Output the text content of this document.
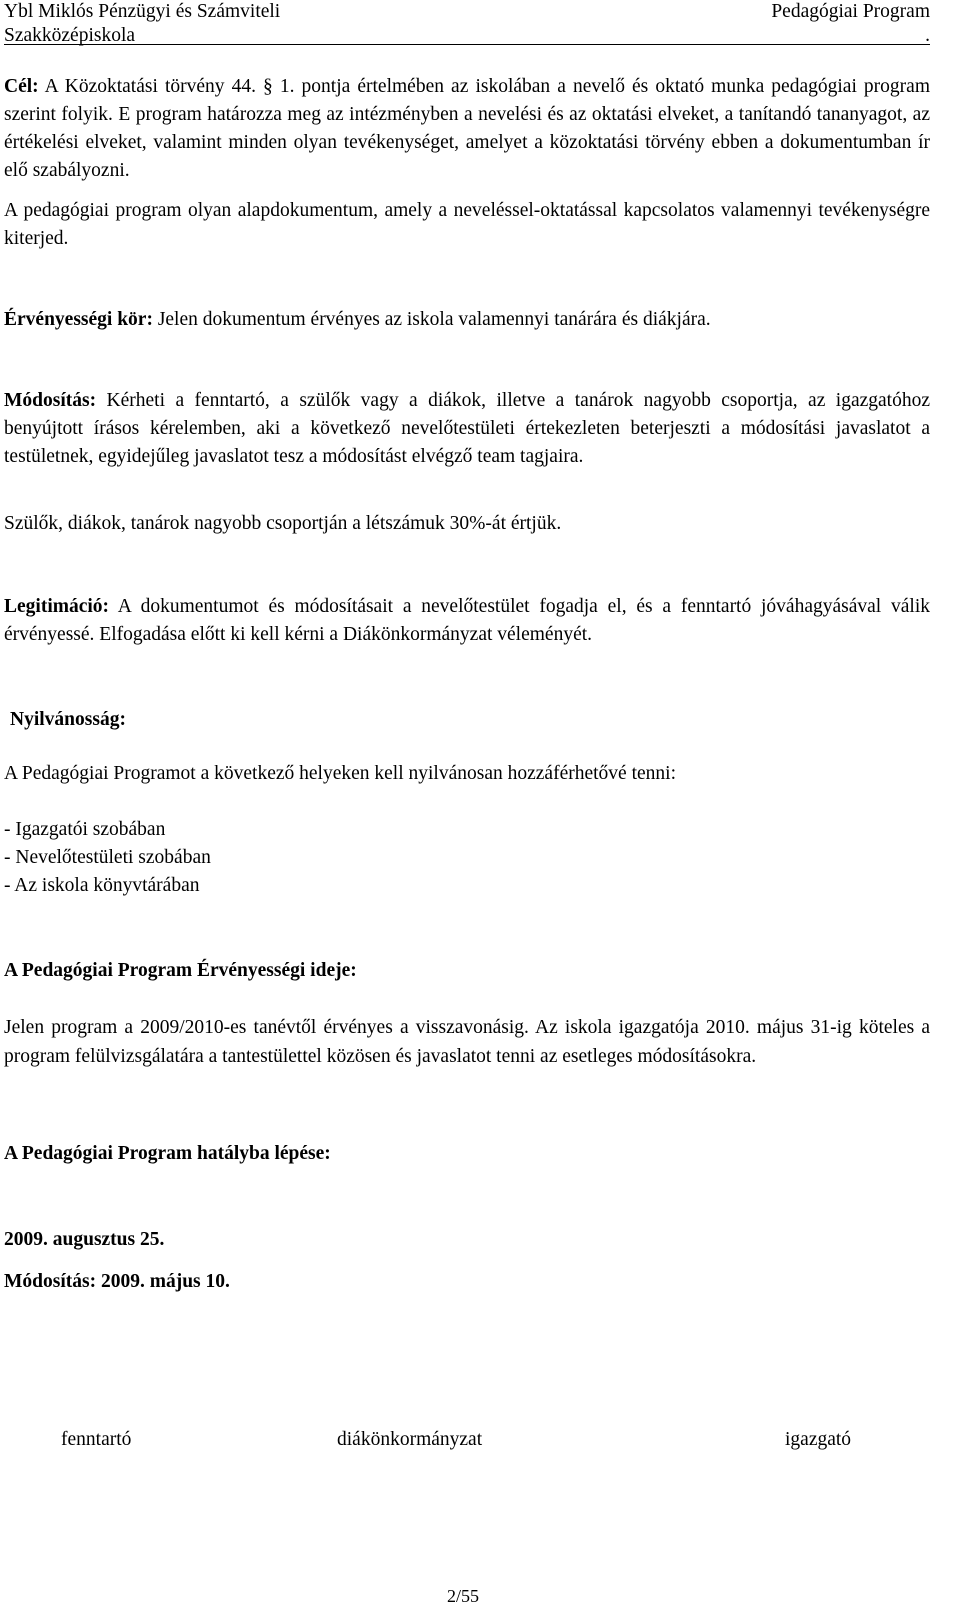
Ybl Miklós Pénzügyi és Számviteli
Szakközépiskola
Pedagógiai Program
.
Cél: A Közoktatási törvény 44. § 1. pontja értelmében az iskolában a nevelő és oktató munka pedagógiai program szerint folyik. E program határozza meg az intézményben a nevelési és az oktatási elveket, a tanítandó tananyagot, az értékelési elveket, valamint minden olyan tevékenységet, amelyet a közoktatási törvény ebben a dokumentumban ír elő szabályozni.
A pedagógiai program olyan alapdokumentum, amely a neveléssel-oktatással kapcsolatos valamennyi tevékenységre kiterjed.
Érvényességi kör: Jelen dokumentum érvényes az iskola valamennyi tanárára és diákjára.
Módosítás: Kérheti a fenntartó, a szülők vagy a diákok, illetve a tanárok nagyobb csoportja, az igazgatóhoz benyújtott írásos kérelemben, aki a következő nevelőtestületi értekezleten beterjeszti a módosítási javaslatot a testületnek, egyidejűleg javaslatot tesz a módosítást elvégző team tagjaira.
Szülők, diákok, tanárok nagyobb csoportján a létszámuk 30%-át értjük.
Legitimáció: A dokumentumot és módosításait a nevelőtestület fogadja el, és a fenntartó jóváhagyásával válik érvényessé. Elfogadása előtt ki kell kérni a Diákönkormányzat véleményét.
Nyilvánosság:
A Pedagógiai Programot a következő helyeken kell nyilvánosan hozzáférhetővé tenni:
- Igazgatói szobában
- Nevelőtestületi szobában
- Az iskola könyvtárában
A Pedagógiai Program Érvényességi ideje:
Jelen program a 2009/2010-es tanévtől érvényes a visszavonásig. Az iskola igazgatója 2010. május 31-ig köteles a program felülvizsgálatára a tantestülettel közösen és javaslatot tenni az esetleges módosításokra.
A Pedagógiai Program hatályba lépése:
2009. augusztus 25.
Módosítás: 2009. május 10.
fenntartó	diákönkormányzat	igazgató
2/55
